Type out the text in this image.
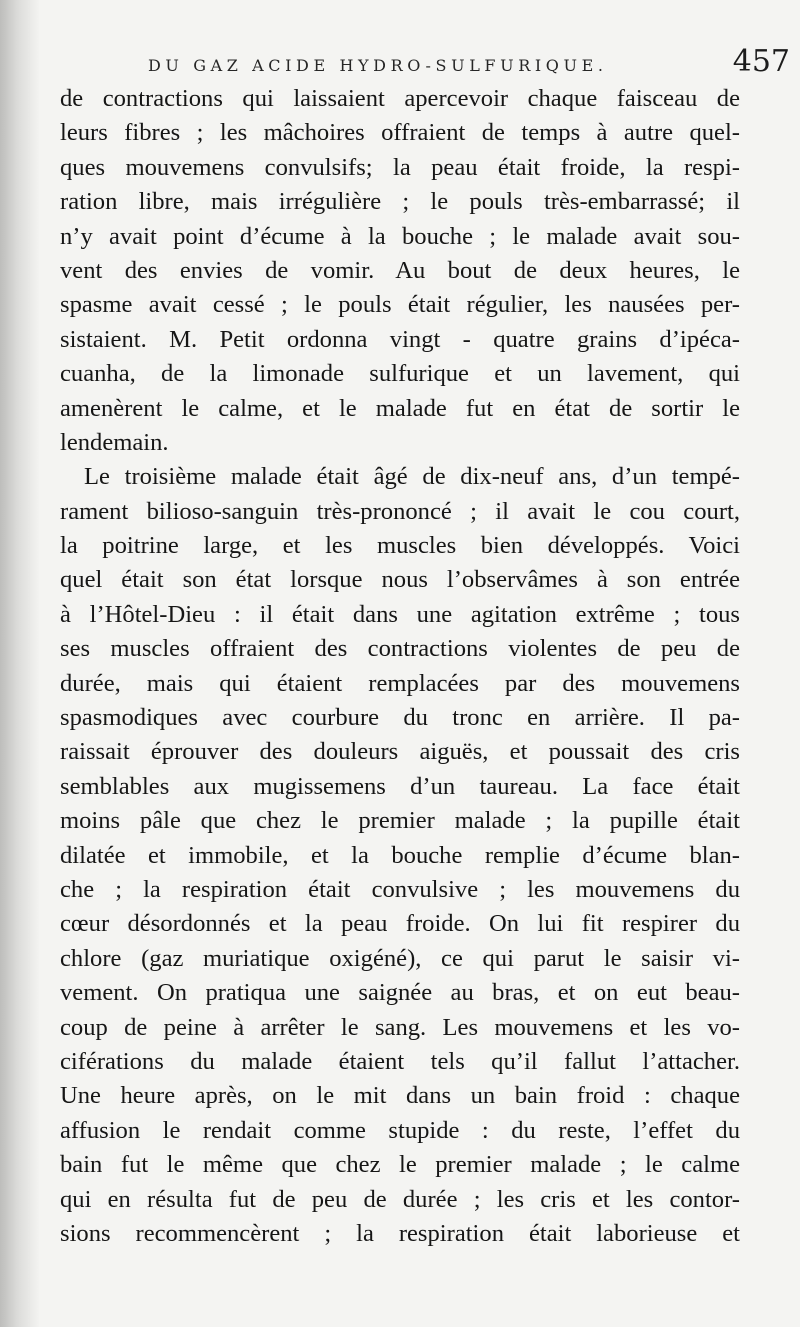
DU GAZ ACIDE HYDRO-SULFURIQUE.	457
de contractions qui laissaient apercevoir chaque faisceau de
leurs fibres ; les mâchoires offraient de temps à autre quel-
ques mouvemens convulsifs; la peau était froide, la respi-
ration libre, mais irrégulière ; le pouls très-embarrassé; il
n’y avait point d’écume à la bouche ; le malade avait sou-
vent des envies de vomir. Au bout de deux heures, le
spasme avait cessé ; le pouls était régulier, les nausées per-
sistaient. M. Petit ordonna vingt - quatre grains d’ipéca-
cuanha, de la limonade sulfurique et un lavement, qui
amenèrent le calme, et le malade fut en état de sortir le
lendemain.
Le troisième malade était âgé de dix-neuf ans, d’un tempé-
rament bilioso-sanguin très-prononcé ; il avait le cou court,
la poitrine large, et les muscles bien développés. Voici
quel était son état lorsque nous l’observâmes à son entrée
à l’Hôtel-Dieu : il était dans une agitation extrême ; tous
ses muscles offraient des contractions violentes de peu de
durée, mais qui étaient remplacées par des mouvemens
spasmodiques avec courbure du tronc en arrière. Il pa-
raissait éprouver des douleurs aiguës, et poussait des cris
semblables aux mugissemens d’un taureau. La face était
moins pâle que chez le premier malade ; la pupille était
dilatée et immobile, et la bouche remplie d’écume blan-
che ; la respiration était convulsive ; les mouvemens du
cœur désordonnés et la peau froide. On lui fit respirer du
chlore (gaz muriatique oxigéné), ce qui parut le saisir vi-
vement. On pratiqua une saignée au bras, et on eut beau-
coup de peine à arrêter le sang. Les mouvemens et les vo-
ciférations du malade étaient tels qu’il fallut l’attacher.
Une heure après, on le mit dans un bain froid : chaque
affusion le rendait comme stupide : du reste, l’effet du
bain fut le même que chez le premier malade ; le calme
qui en résulta fut de peu de durée ; les cris et les contor-
sions recommencèrent ; la respiration était laborieuse et
